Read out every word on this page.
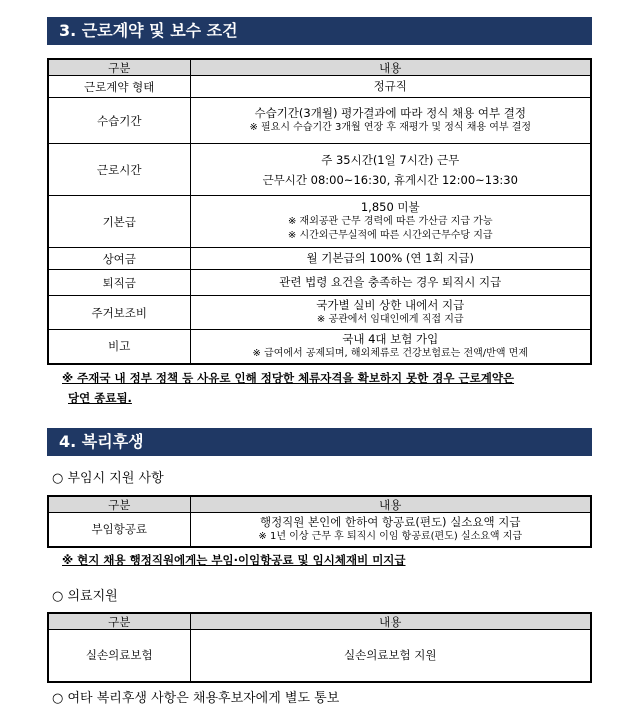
3. 근로계약 및 보수 조건
구분	내용
근로계약 형태	정규직

수습기간	수습기간(3개월) 평가결과에 따라 정식 채용 여부 결정
※ 필요시 수습기간 3개월 연장 후 재평가 및 정식 채용 여부 결정

근로시간	주 35시간(1일 7시간) 근무
근무시간 08:00~16:30, 휴게시간 12:00~13:30

기본급	1,850 미불
※ 재외공관 근무 경력에 따른 가산금 지급 가능
※ 시간외근무실적에 따른 시간외근무수당 지급

상여금	월 기본급의 100% (연 1회 지급)

퇴직금	관련 법령 요건을 충족하는 경우 퇴직시 지급

주거보조비	국가별 실비 상한 내에서 지급
※ 공관에서 임대인에게 직접 지급

비고	국내 4대 보험 가입
※ 급여에서 공제되며, 해외체류로 건강보험료는 전액/반액 면제
※ 주재국 내 정부 정책 등 사유로 인해 정당한 체류자격을 확보하지 못한 경우 근로계약은
당연 종료됨.
4. 복리후생
○ 부임시 지원 사항
구분	내용
부임항공료	행정직원 본인에 한하여 항공료(편도) 실소요액 지급
※ 1년 이상 근무 후 퇴직시 이임 항공료(편도) 실소요액 지급
※ 현지 채용 행정직원에게는 부임·이임항공료 및 임시체재비 미지급
○ 의료지원
구분	내용
실손의료보험	실손의료보험 지원
○ 여타 복리후생 사항은 채용후보자에게 별도 통보
